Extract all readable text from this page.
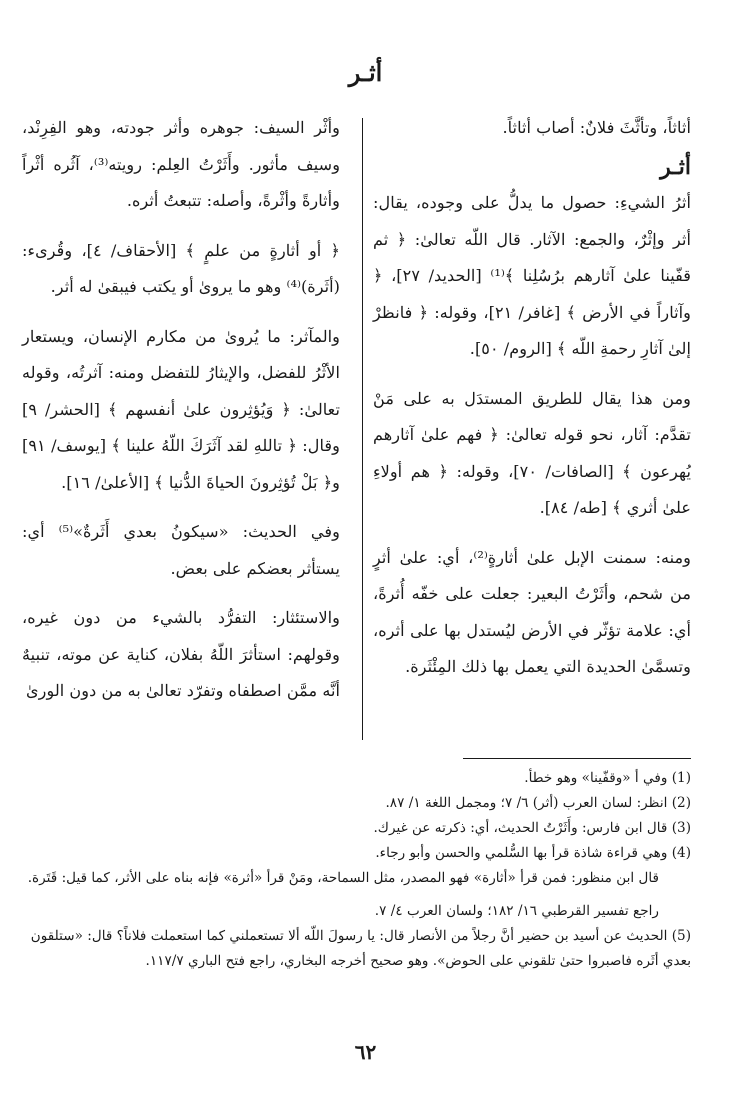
أثـر

أثاثاً، وتأثَّثَ فلانٌ: أصاب أثاثاً.

أثـر

أثرُ الشيءِ: حصول ما يدلُّ على وجوده، يقال: أثر وإثْرٌ، والجمع: الآثار. قال اللّه تعالىٰ: ﴿ ثم قفّينا علىٰ آثارهم برُسُلِنا ﴾⁽¹⁾ [الحديد/ ٢٧]، ﴿ وآثاراً في الأرض ﴾ [غافر/ ٢١]، وقوله: ﴿ فانظرْ إلىٰ آثارِ رحمةِ اللّه ﴾ [الروم/ ٥٠].

ومن هذا يقال للطريق المستدَل به على مَنْ تقدَّم: آثار، نحو قوله تعالىٰ: ﴿ فهم علىٰ آثارهم يُهرعون ﴾ [الصافات/ ٧٠]، وقوله: ﴿ هم أولاءِ علىٰ أثري ﴾ [طه/ ٨٤].

ومنه: سمنت الإبل علىٰ أثارةٍ⁽²⁾، أي: علىٰ أثرٍ من شحم، وأثَرْتُ البعير: جعلت على خفّه أُثرةً، أي: علامة تؤثّر في الأرض ليُستدل بها على أثره، وتسمَّىٰ الحديدة التي يعمل بها ذلك المِئْثَرة.

وأثْر السيف: جوهره وأثر جودته، وهو الفِرِنْد، وسيف مأثور. وأَثَرْتُ العِلم: رويته⁽³⁾، آثُره أثْراً وأثارةً وأثْرةً، وأصله: تتبعتُ أثره.

﴿ أو أثارةٍ من علمٍ ﴾ [الأحقاف/ ٤]، وقُرىء: (أثَرة)⁽⁴⁾ وهو ما يروىٰ أو يكتب فيبقىٰ له أثر.

والمآثر: ما يُروىٰ من مكارم الإنسان، ويستعار الأثْرُ للفضل، والإيثارُ للتفضل ومنه: آثرتُه، وقوله تعالىٰ: ﴿ وَيُؤثِرون علىٰ أنفسهم ﴾ [الحشر/ ٩] وقال: ﴿ تاللهِ لقد آثَرَكَ اللّهُ علينا ﴾ [يوسف/ ٩١] و﴿ بَلْ تُؤثِرونَ الحياةَ الدُّنيا ﴾ [الأعلىٰ/ ١٦].

وفي الحديث: «سيكونُ بعدي أَثَرةٌ»⁽⁵⁾ أي: يستأثر بعضكم على بعض.

والاستئثار: التفرُّد بالشيء من دون غيره، وقولهم: استأثرَ اللّهُ بفلان، كناية عن موته، تنبيهٌ أنَّه ممَّن اصطفاه وتفرّد تعالىٰ به من دون الورىٰ

(1) وفي أ «وقفّينا» وهو خطأ.

(2) انظر: لسان العرب (أثر) ٦/ ٧؛ ومجمل اللغة ١/ ٨٧.

(3) قال ابن فارس: وأَثَرْتُ الحديث، أي: ذكرته عن غيرك.

(4) وهي قراءة شاذة قرأ بها السُّلمي والحسن وأبو رجاء.

قال ابن منظور: فمن قرأ «أثارة» فهو المصدر، مثل السماحة، ومَنْ قرأ «أثرة» فإنه بناه على الأثر، كما قيل: قَتَرة.

راجع تفسير القرطبي ١٦/ ١٨٢؛ ولسان العرب ٤/ ٧.

(5) الحديث عن أسيد بن حضير أنَّ رجلاً من الأنصار قال: يا رسولَ اللّه ألا تستعملني كما استعملت فلاناً؟ قال: «ستلقون بعدي أثَره فاصبروا حتىٰ تلقوني على الحوض». وهو صحيح أخرجه البخاري، راجع فتح الباري ١١٧/٧.

٦٢
